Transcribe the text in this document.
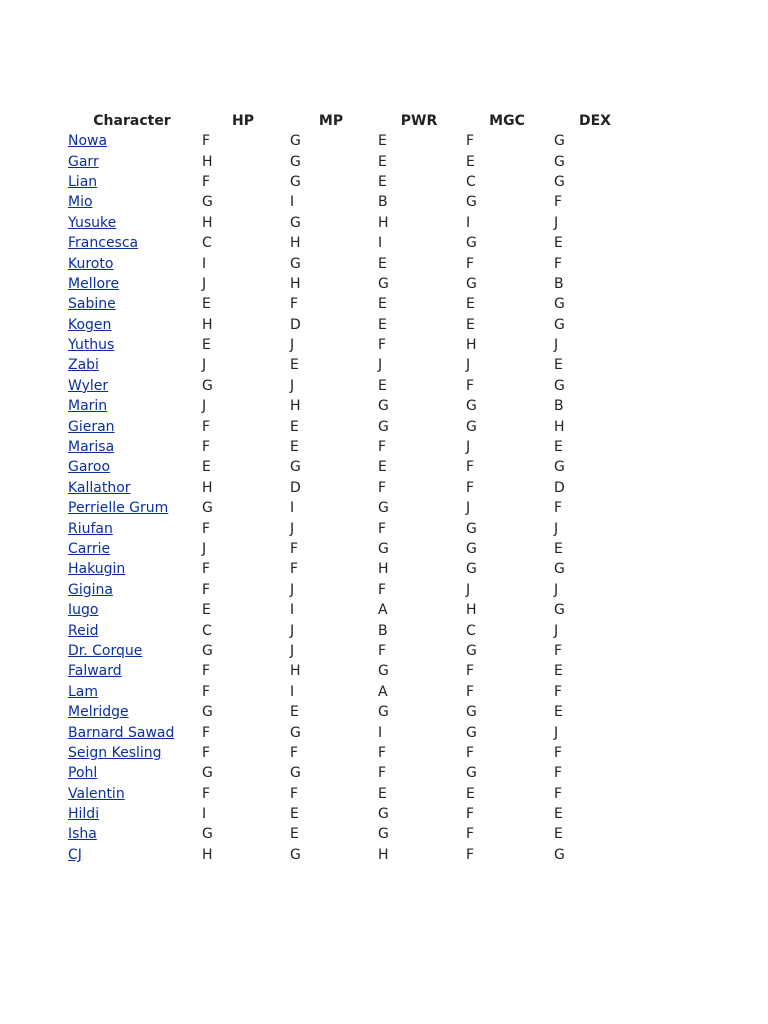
Character	HP	MP	PWR	MGC	DEX
Nowa	F	G	E	F	G
Garr	H	G	E	E	G
Lian	F	G	E	C	G
Mio	G	I	B	G	F
Yusuke	H	G	H	I	J
Francesca	C	H	I	G	E
Kuroto	I	G	E	F	F
Mellore	J	H	G	G	B
Sabine	E	F	E	E	G
Kogen	H	D	E	E	G
Yuthus	E	J	F	H	J
Zabi	J	E	J	J	E
Wyler	G	J	E	F	G
Marin	J	H	G	G	B
Gieran	F	E	G	G	H
Marisa	F	E	F	J	E
Garoo	E	G	E	F	G
Kallathor	H	D	F	F	D
Perrielle Grum	G	I	G	J	F
Riufan	F	J	F	G	J
Carrie	J	F	G	G	E
Hakugin	F	F	H	G	G
Gigina	F	J	F	J	J
Iugo	E	I	A	H	G
Reid	C	J	B	C	J
Dr. Corque	G	J	F	G	F
Falward	F	H	G	F	E
Lam	F	I	A	F	F
Melridge	G	E	G	G	E
Barnard Sawad	F	G	I	G	J
Seign Kesling	F	F	F	F	F
Pohl	G	G	F	G	F
Valentin	F	F	E	E	F
Hildi	I	E	G	F	E
Isha	G	E	G	F	E
CJ	H	G	H	F	G
